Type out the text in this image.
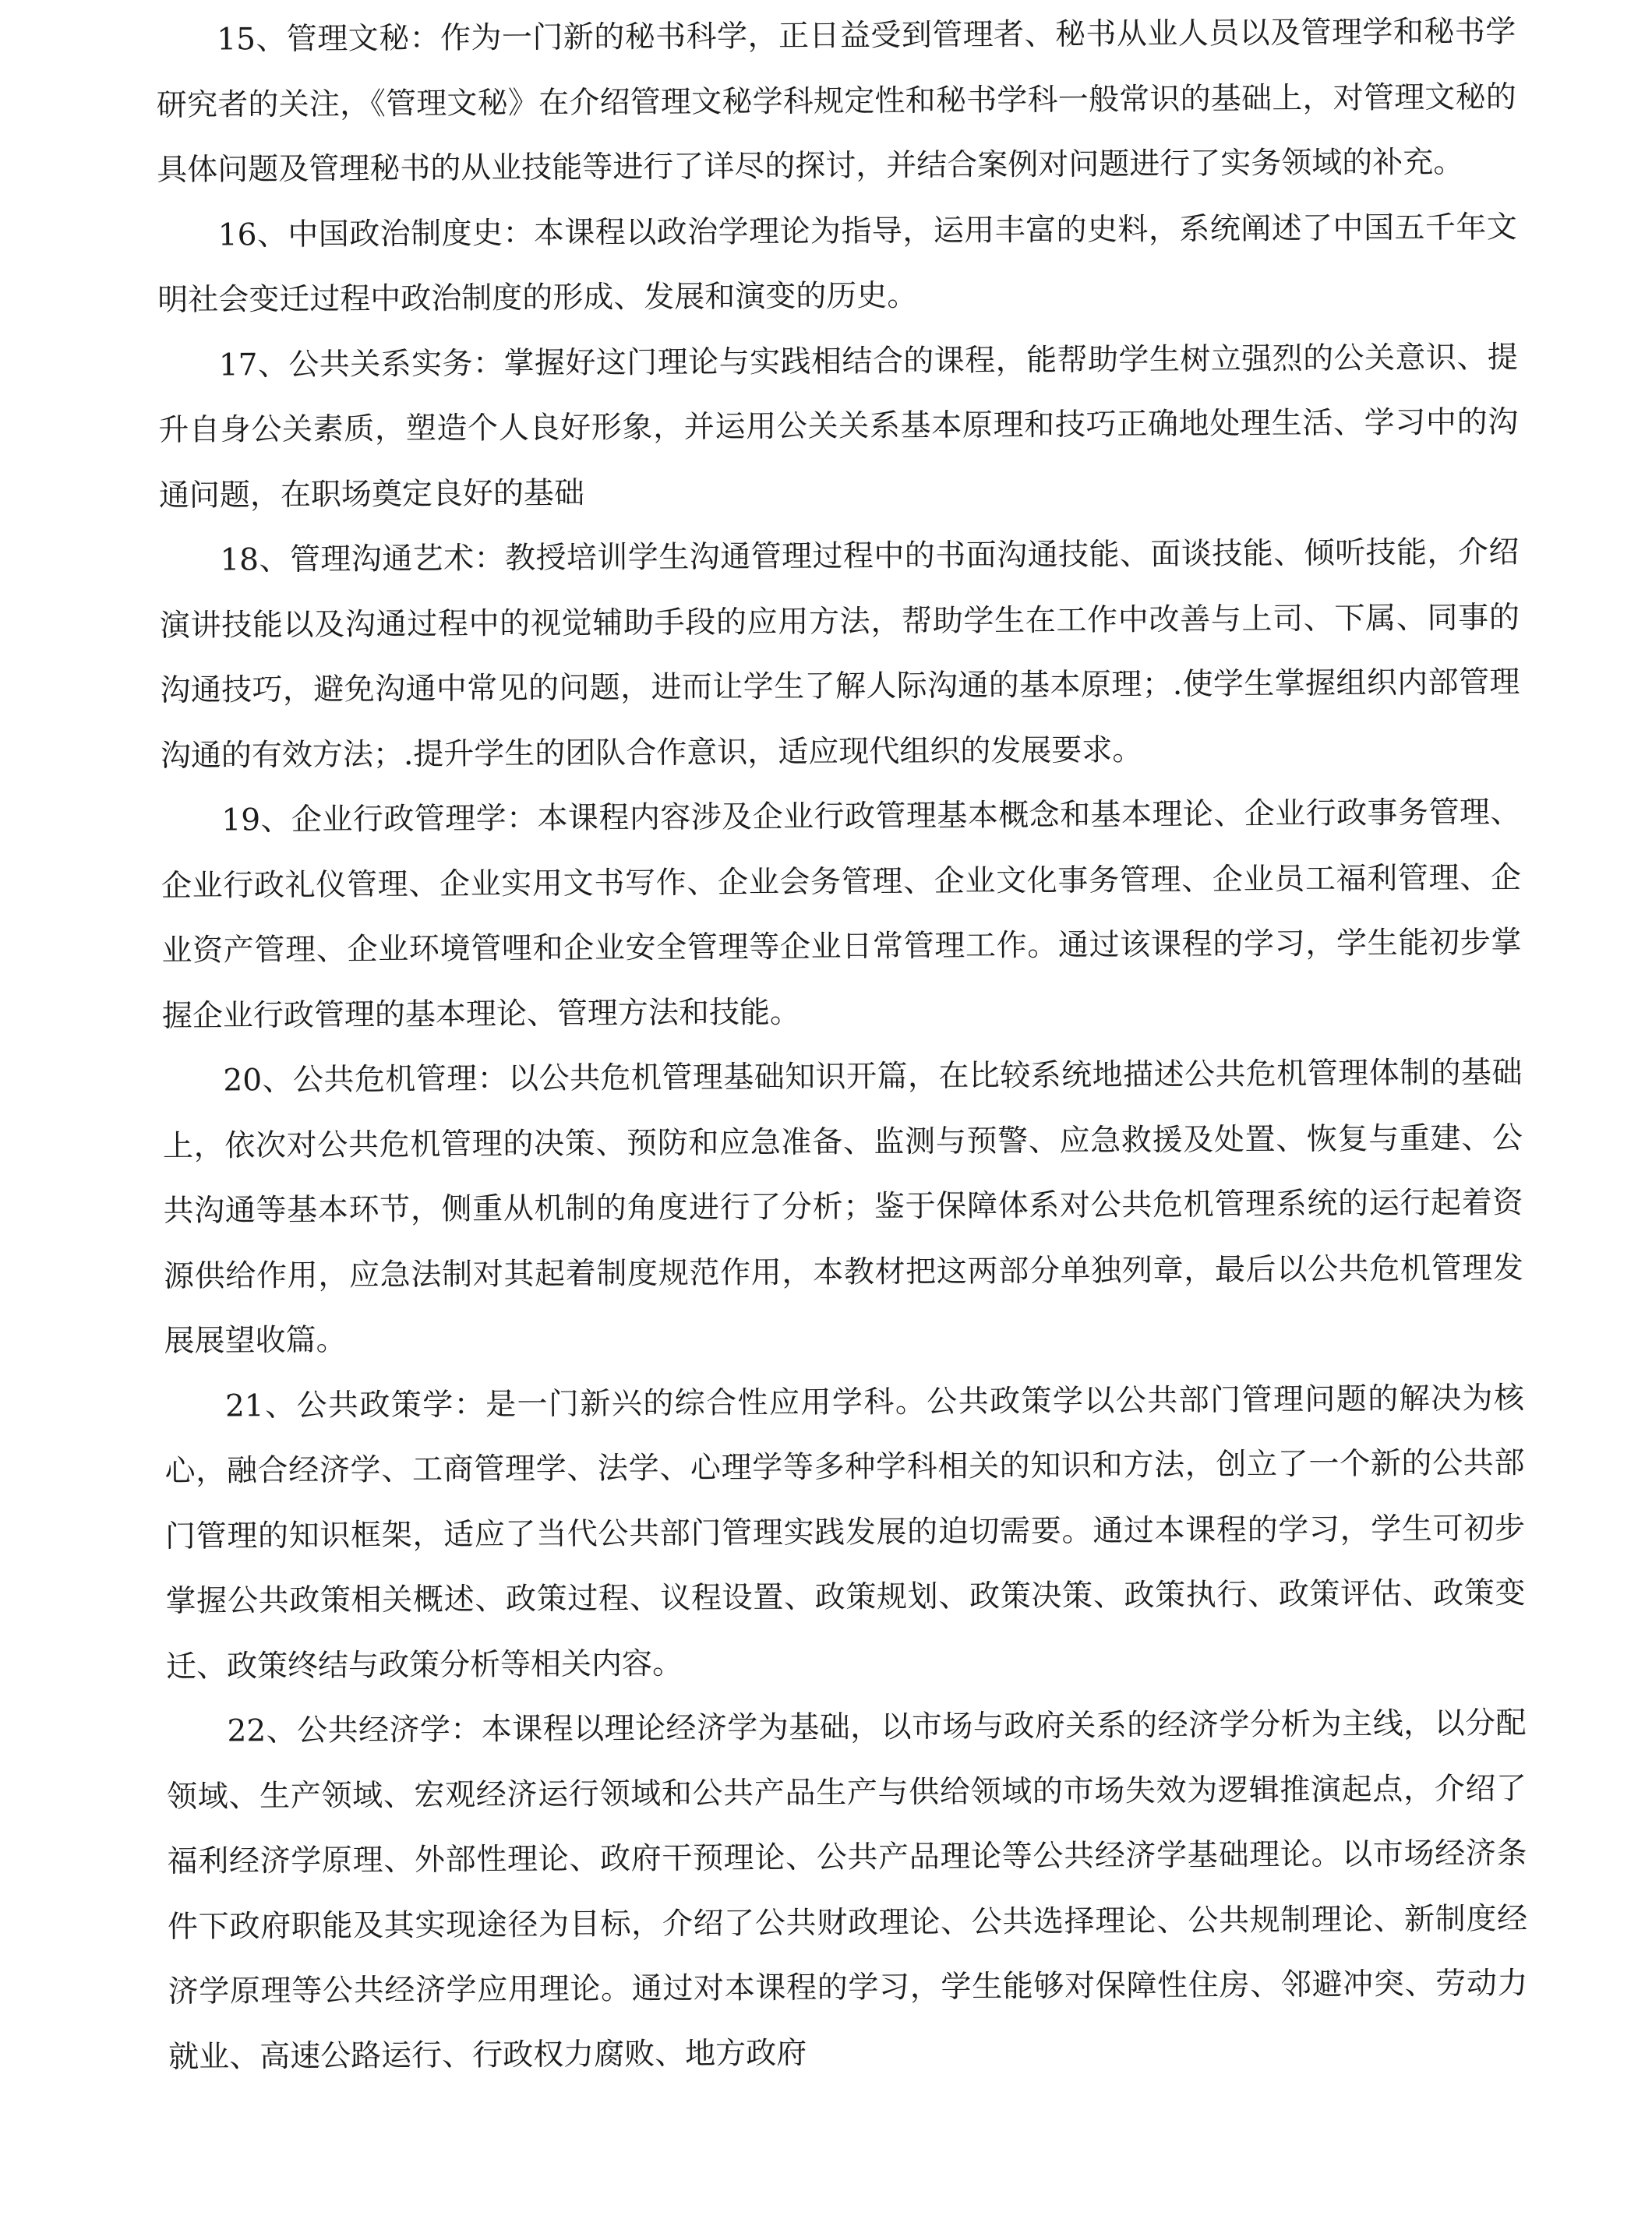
15、管理文秘：作为一门新的秘书科学，正日益受到管理者、秘书从业人员以及管理学和秘书学研究者的关注，《管理文秘》在介绍管理文秘学科规定性和秘书学科一般常识的基础上，对管理文秘的具体问题及管理秘书的从业技能等进行了详尽的探讨，并结合案例对问题进行了实务领域的补充。

16、中国政治制度史：本课程以政治学理论为指导，运用丰富的史料，系统阐述了中国五千年文明社会变迁过程中政治制度的形成、发展和演变的历史。

17、公共关系实务：掌握好这门理论与实践相结合的课程，能帮助学生树立强烈的公关意识、提升自身公关素质，塑造个人良好形象，并运用公关关系基本原理和技巧正确地处理生活、学习中的沟通问题，在职场奠定良好的基础

18、管理沟通艺术：教授培训学生沟通管理过程中的书面沟通技能、面谈技能、倾听技能，介绍演讲技能以及沟通过程中的视觉辅助手段的应用方法，帮助学生在工作中改善与上司、下属、同事的沟通技巧，避免沟通中常见的问题，进而让学生了解人际沟通的基本原理；.使学生掌握组织内部管理沟通的有效方法；.提升学生的团队合作意识，适应现代组织的发展要求。

19、企业行政管理学：本课程内容涉及企业行政管理基本概念和基本理论、企业行政事务管理、企业行政礼仪管理、企业实用文书写作、企业会务管理、企业文化事务管理、企业员工福利管理、企业资产管理、企业环境管哩和企业安全管理等企业日常管理工作。通过该课程的学习，学生能初步掌握企业行政管理的基本理论、管理方法和技能。

20、公共危机管理：以公共危机管理基础知识开篇，在比较系统地描述公共危机管理体制的基础上，依次对公共危机管理的决策、预防和应急准备、监测与预警、应急救援及处置、恢复与重建、公共沟通等基本环节，侧重从机制的角度进行了分析；鉴于保障体系对公共危机管理系统的运行起着资源供给作用，应急法制对其起着制度规范作用，本教材把这两部分单独列章，最后以公共危机管理发展展望收篇。

21、公共政策学：是一门新兴的综合性应用学科。公共政策学以公共部门管理问题的解决为核心，融合经济学、工商管理学、法学、心理学等多种学科相关的知识和方法，创立了一个新的公共部门管理的知识框架，适应了当代公共部门管理实践发展的迫切需要。通过本课程的学习，学生可初步掌握公共政策相关概述、政策过程、议程设置、政策规划、政策决策、政策执行、政策评估、政策变迁、政策终结与政策分析等相关内容。

22、公共经济学：本课程以理论经济学为基础，以市场与政府关系的经济学分析为主线，以分配领域、生产领域、宏观经济运行领域和公共产品生产与供给领域的市场失效为逻辑推演起点，介绍了福利经济学原理、外部性理论、政府干预理论、公共产品理论等公共经济学基础理论。以市场经济条件下政府职能及其实现途径为目标，介绍了公共财政理论、公共选择理论、公共规制理论、新制度经济学原理等公共经济学应用理论。通过对本课程的学习，学生能够对保障性住房、邻避冲突、劳动力就业、高速公路运行、行政权力腐败、地方政府
